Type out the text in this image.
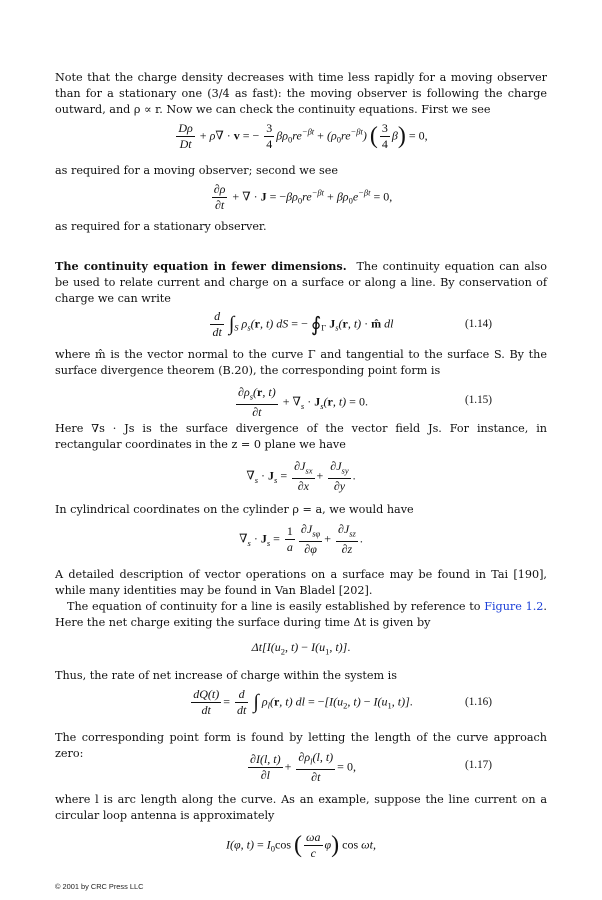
Note that the charge density decreases with time less rapidly for a moving observer than for a stationary one (3/4 as fast): the moving observer is following the charge outward, and ρ ∝ r. Now we can check the continuity equations. First we see

$\frac{D\rho}{Dt} + \rho\nabla \cdot v$ = − $\frac{3}{4} \beta\rho_0re^{-\beta t} + (\rho_0re^{-\beta t})$ ( $\frac{3}{4} \beta) = 0$,

as required for a moving observer; second we see

$\frac{\partial\rho}{\partial t}$ + ∇ · $J = -\beta\rho_0re^{-\beta t} + \beta\rho_0e^{-\beta t} = 0$,

as required for a stationary observer.

The continuity equation in fewer dimensions. The continuity equation can also be used to relate current and charge on a surface or along a line. By conservation of charge we can write

$\frac{d}{dt} \int_S$ $\rho_s(r$, t) dS = − $∮_\Gamma$ $J_s(r$, t) · m̂ dl	(1.14)

where m̂ is the vector normal to the curve Γ and tangential to the surface S. By the surface divergence theorem (B.20), the corresponding point form is

$\frac{\partial\rho_s(r, t)}{\partial t} + \nabla_s \cdot J_s(r$, t) = 0.	(1.15)

Here ∇s · Js is the surface divergence of the vector field Js. For instance, in rectangular coordinates in the z = 0 plane we have

$\nabla_s \cdot J_s = \frac{\partial J_{sx}}{\partial x} + \frac{\partial J_{sy}}{\partial y}$ .

In cylindrical coordinates on the cylinder ρ = a, we would have

$\nabla_s \cdot J_s = \frac{1}{a} \frac{\partial J_{s\varphi}}{\partial\varphi} + \frac{\partial J_{sz}}{\partial z}$ .

A detailed description of vector operations on a surface may be found in Tai [190], while many identities may be found in Van Bladel [202].

The equation of continuity for a line is easily established by reference to Figure 1.2. Here the net charge exiting the surface during time Δt is given by

$\Delta t[I(u_2$, $t) - I(u_1$, t)].

Thus, the rate of net increase of charge within the system is

$\frac{dQ(t)}{dt} = \frac{d}{dt}$ ∫ $\rho_l(r$, t) dl = $-[I(u_2$, $t) - I(u_1$, t)].	(1.16)

The corresponding point form is found by letting the length of the curve approach zero:	$\frac{\partial I(l, t)}{\partial l} + \frac{\partial\rho_l(l, t)}{\partial t} = 0$,	(1.17)

where l is arc length along the curve. As an example, suppose the line current on a circular loop antenna is approximately

I(φ, $t) = I_0\cos$ ( $\frac{\omega a}{c} \varphi$) cos ωt,
© 2001 by CRC Press LLC
